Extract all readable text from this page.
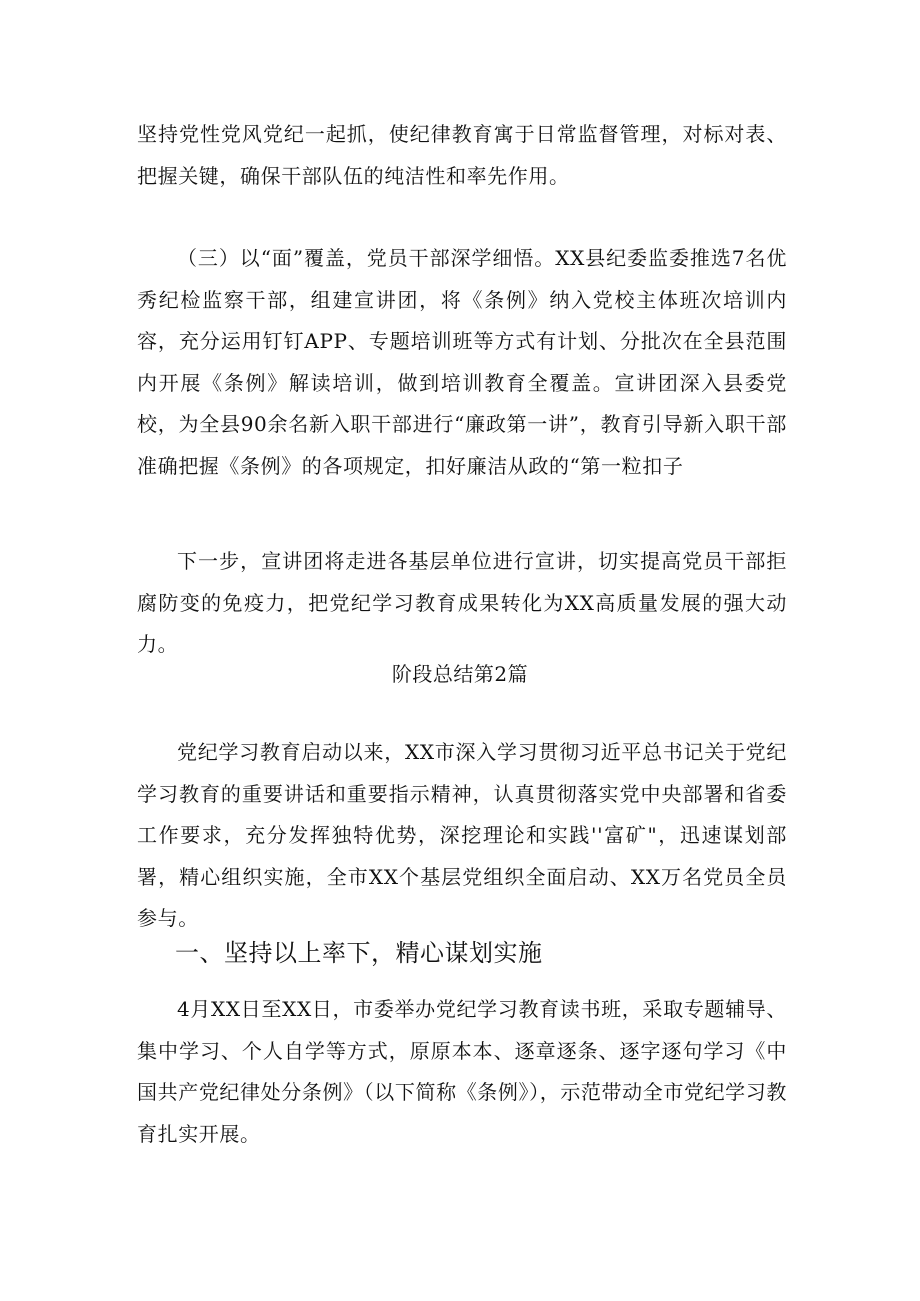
坚持党性党风党纪一起抓，使纪律教育寓于日常监督管理，对标对表、把握关键，确保干部队伍的纯洁性和率先作用。

（三）以“面”覆盖，党员干部深学细悟。XX县纪委监委推选7名优秀纪检监察干部，组建宣讲团，将《条例》纳入党校主体班次培训内容，充分运用钉钉APP、专题培训班等方式有计划、分批次在全县范围内开展《条例》解读培训，做到培训教育全覆盖。宣讲团深入县委党校，为全县90余名新入职干部进行“廉政第一讲”，教育引导新入职干部准确把握《条例》的各项规定，扣好廉洁从政的“第一粒扣子

下一步，宣讲团将走进各基层单位进行宣讲，切实提高党员干部拒腐防变的免疫力，把党纪学习教育成果转化为XX高质量发展的强大动力。

阶段总结第2篇

党纪学习教育启动以来，XX市深入学习贯彻习近平总书记关于党纪学习教育的重要讲话和重要指示精神，认真贯彻落实党中央部署和省委工作要求，充分发挥独特优势，深挖理论和实践''富矿"，迅速谋划部署，精心组织实施，全市XX个基层党组织全面启动、XX万名党员全员参与。

一、坚持以上率下，精心谋划实施

4月XX日至XX日，市委举办党纪学习教育读书班，采取专题辅导、集中学习、个人自学等方式，原原本本、逐章逐条、逐字逐句学习《中国共产党纪律处分条例》（以下简称《条例》），示范带动全市党纪学习教育扎实开展。
